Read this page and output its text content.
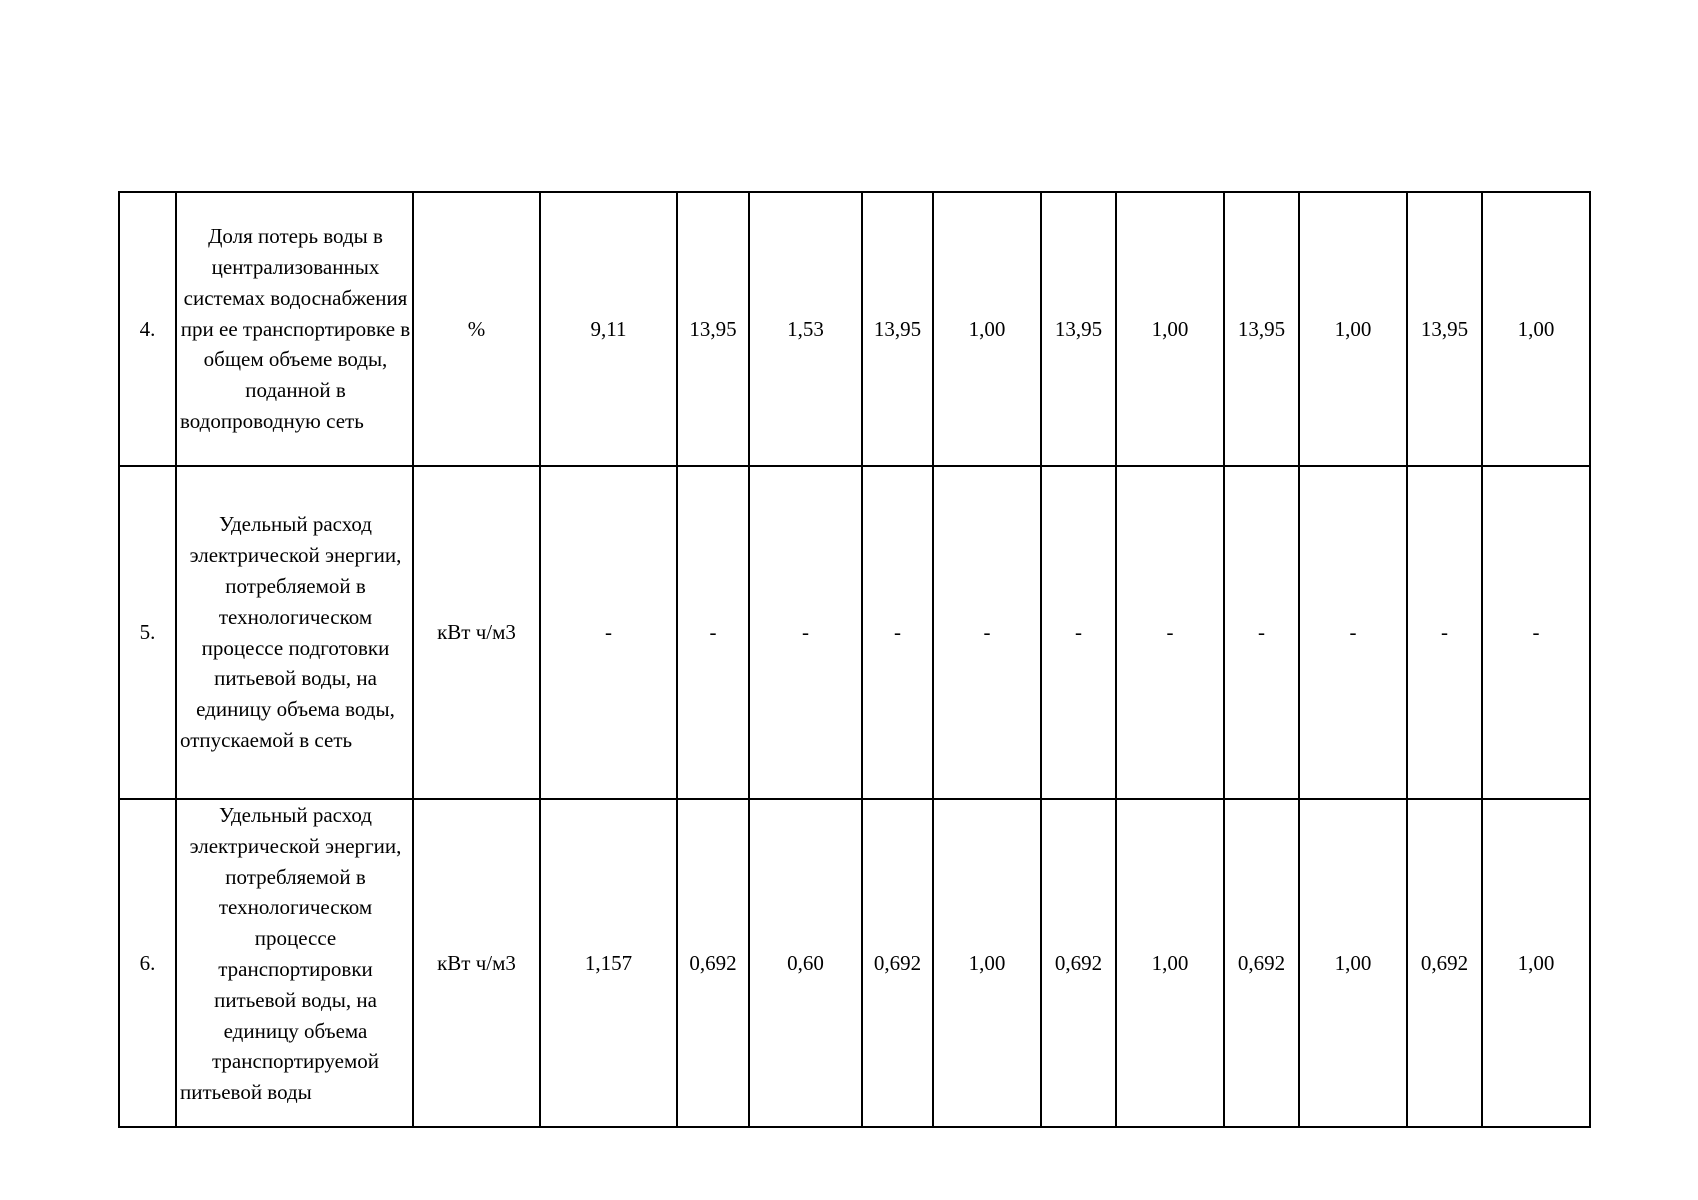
4.	Доля потерь воды в централизованных системах водоснабжения при ее транспортировке в общем объеме воды, поданной в водопроводную сеть	%	9,11	13,95	1,53	13,95	1,00	13,95	1,00	13,95	1,00	13,95	1,00
5.	Удельный расход электрической энергии, потребляемой в технологическом процессе подготовки питьевой воды, на единицу объема воды, отпускаемой в сеть	кВт ч/м3	-	-	-	-	-	-	-	-	-	-	-
6.	Удельный расход электрической энергии, потребляемой в технологическом процессе транспортировки питьевой воды, на единицу объема транспортируемой питьевой воды	кВт ч/м3	1,157	0,692	0,60	0,692	1,00	0,692	1,00	0,692	1,00	0,692	1,00
